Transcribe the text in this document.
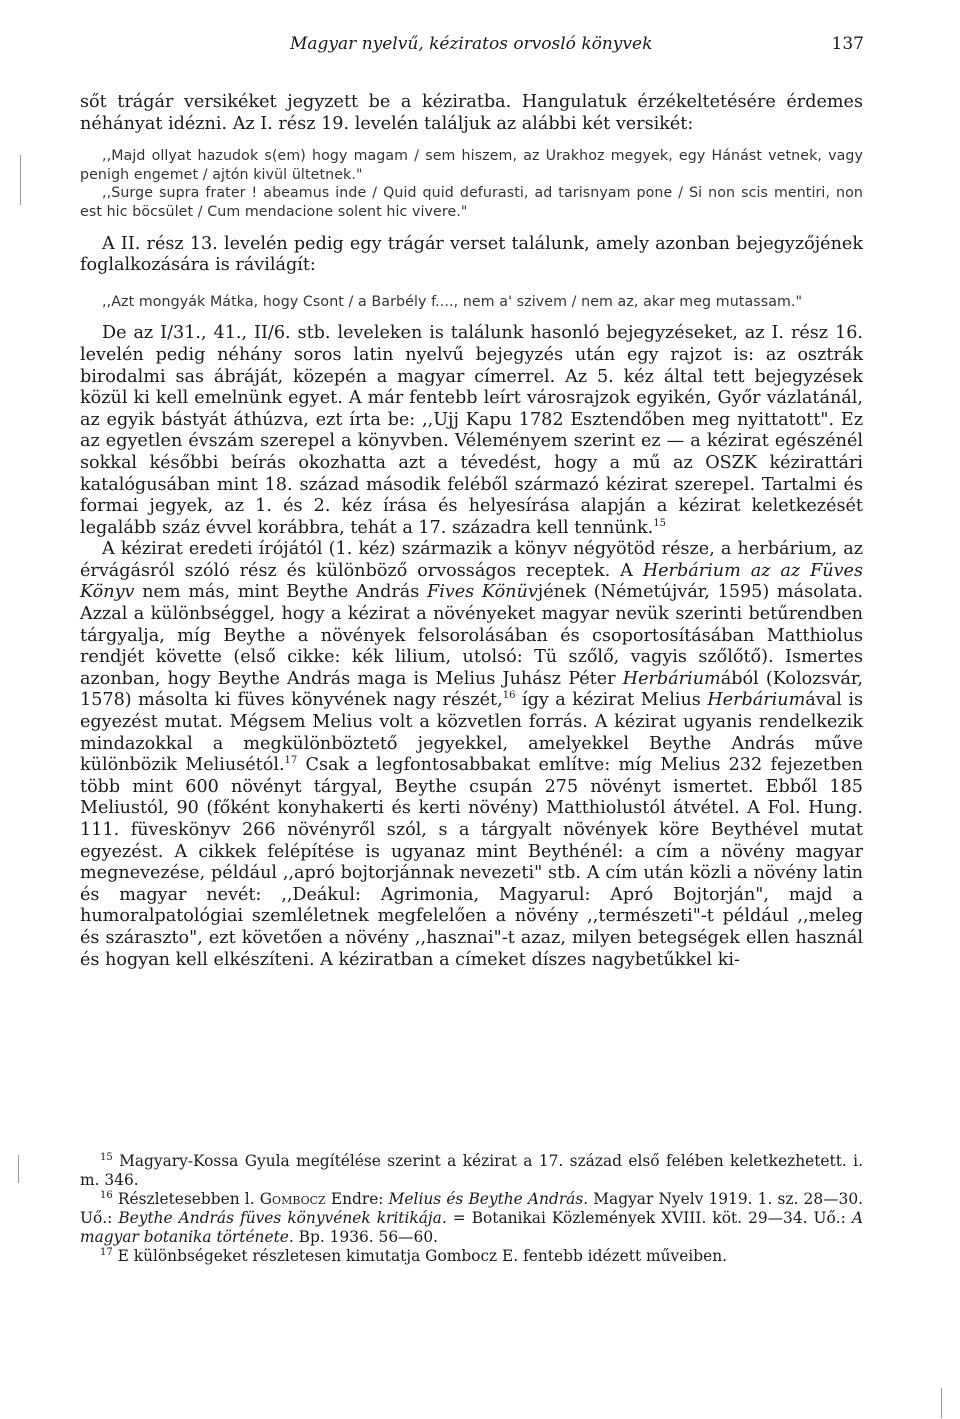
Magyar nyelvű, kéziratos orvosló könyvek	137

sőt trágár versikéket jegyzett be a kéziratba. Hangulatuk érzékeltetésére érdemes néhányat idézni. Az I. rész 19. levelén találjuk az alábbi két versikét:

,,Majd ollyat hazudok s(em) hogy magam / sem hiszem, az Urakhoz megyek, egy Hánást vetnek, vagy penigh engemet / ajtón kivül ültetnek."

,,Surge supra frater ! abeamus inde / Quid quid defurasti, ad tarisnyam pone / Si non scis mentiri, non est hic böcsület / Cum mendacione solent hic vivere."

A II. rész 13. levelén pedig egy trágár verset találunk, amely azonban bejegyzőjének foglalkozására is rávilágít:

,,Azt mongyák Mátka, hogy Csont / a Barbély f...., nem a' szivem / nem az, akar meg mutassam."

De az I/31., 41., II/6. stb. leveleken is találunk hasonló bejegyzéseket, az I. rész 16. levelén pedig néhány soros latin nyelvű bejegyzés után egy rajzot is: az osztrák birodalmi sas ábráját, közepén a magyar címerrel. Az 5. kéz által tett bejegyzések közül ki kell emelnünk egyet. A már fentebb leírt városrajzok egyikén, Győr vázlatánál, az egyik bástyát áthúzva, ezt írta be: ,,Ujj Kapu 1782 Esztendőben meg nyittatott". Ez az egyetlen évszám szerepel a könyvben. Véleményem szerint ez — a kézirat egészénél sokkal későbbi beírás okozhatta azt a tévedést, hogy a mű az OSZK kézirattári katalógusában mint 18. század második feléből származó kézirat szerepel. Tartalmi és formai jegyek, az 1. és 2. kéz írása és helyesírása alapján a kézirat keletkezését legalább száz évvel korábbra, tehát a 17. századra kell tennünk.$^{15}$

A kézirat eredeti írójától (1. kéz) származik a könyv négyötöd része, a herbárium, az érvágásról szóló rész és különböző orvosságos receptek. A Herbárium az az Füves Könyv nem más, mint Beythe András Fives Könüvjének (Németújvár, 1595) másolata. Azzal a különbséggel, hogy a kézirat a növényeket magyar nevük szerinti betűrendben tárgyalja, míg Beythe a növények felsorolásában és csoportosításában Matthiolus rendjét követte (első cikke: kék lilium, utolsó: Tü szőlő, vagyis szőlőtő). Ismertes azonban, hogy Beythe András maga is Melius Juhász Péter Herbáriumából (Kolozsvár, 1578) másolta ki füves könyvének nagy részét,$^{16}$ így a kézirat Melius Herbáriumával is egyezést mutat. Mégsem Melius volt a közvetlen forrás. A kézirat ugyanis rendelkezik mindazokkal a megkülönböztető jegyekkel, amelyekkel Beythe András műve különbözik Meliusétól.$^{17}$ Csak a legfontosabbakat említve: míg Melius 232 fejezetben több mint 600 növényt tárgyal, Beythe csupán 275 növényt ismertet. Ebből 185 Meliustól, 90 (főként konyhakerti és kerti növény) Matthiolustól átvétel. A Fol. Hung. 111. füveskönyv 266 növényről szól, s a tárgyalt növények köre Beythével mutat egyezést. A cikkek felépítése is ugyanaz mint Beythénél: a cím a növény magyar megnevezése, például ,,apró bojtorjánnak nevezeti" stb. A cím után közli a növény latin és magyar nevét: ,,Deákul: Agrimonia, Magyarul: Apró Bojtorján", majd a humoralpatológiai szemléletnek megfelelően a növény ,,természeti"-t például ,,meleg és száraszto", ezt követően a növény ,,hasznai"-t azaz, milyen betegségek ellen használ és hogyan kell elkészíteni. A kéziratban a címeket díszes nagybetűkkel ki-

$^{15}$ Magyary-Kossa Gyula megítélése szerint a kézirat a 17. század első felében keletkezhetett. i. m. 346.

$^{16}$ Részletesebben l. Gombocz Endre: Melius és Beythe András. Magyar Nyelv 1919. 1. sz. 28—30. Uő.: Beythe András füves könyvének kritikája. = Botanikai Közlemények XVIII. köt. 29—34. Uő.: A magyar botanika története. Bp. 1936. 56—60.

$^{17}$ E különbségeket részletesen kimutatja Gombocz E. fentebb idézett műveiben.
